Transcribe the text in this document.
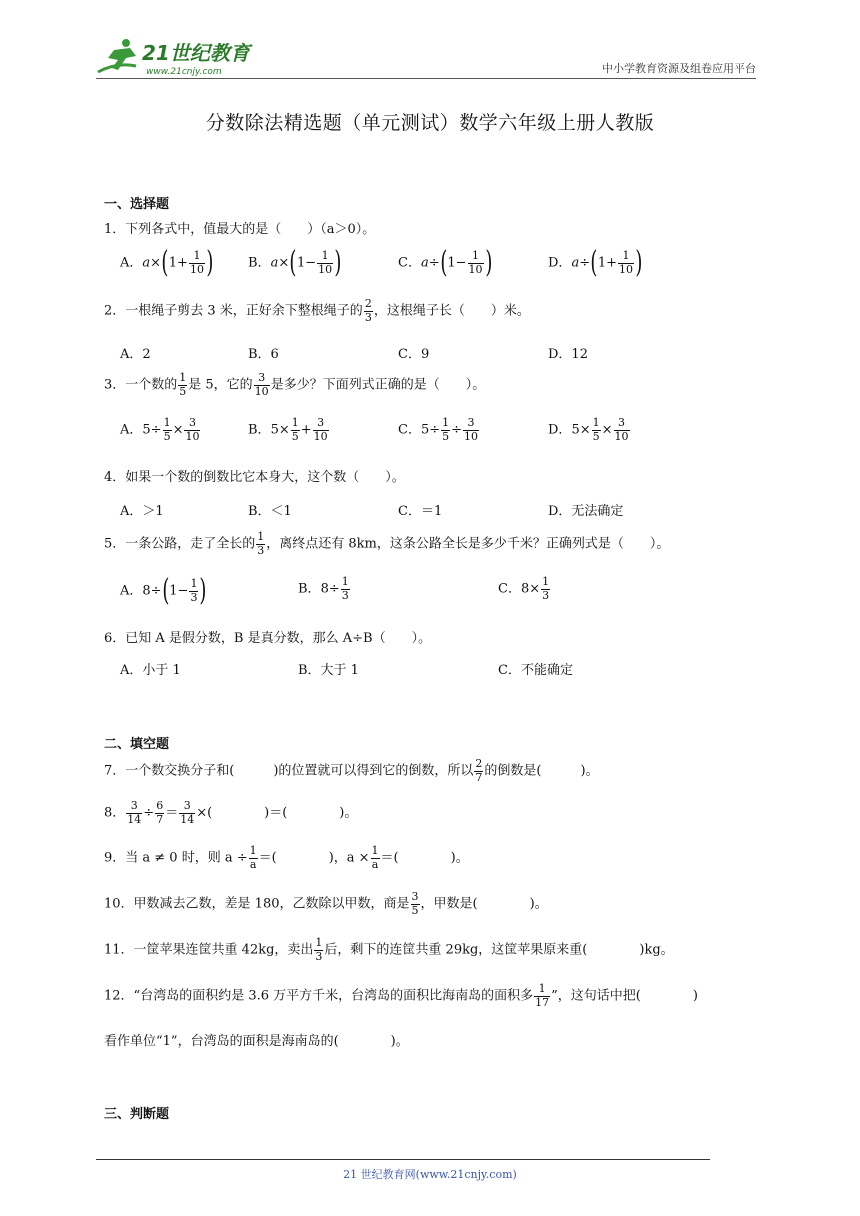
21世纪教育
www.21cnjy.com	中小学教育资源及组卷应用平台
分数除法精选题（单元测试）数学六年级上册人教版
一、选择题
1．下列各式中，值最大的是（　　）（a＞0）。
A．$a\times(1+ \frac{1}{10}$ )	B．$a\times(1- \frac{1}{10}$ )	C．$a\div(1- \frac{1}{10}$ )	D．$a\div(1+ \frac{1}{10}$ )
2．一根绳子剪去 3 米，正好余下整根绳子的 $\frac{2}{3}$ ，这根绳子长（　　）米。
A．2	B．6	C．9	D．12
3．一个数的 $\frac{1}{5}$ 是 5，它的 $\frac{3}{10}$ 是多少？下面列式正确的是（　　）。
A．$5\div \frac{1}{5} \times \frac{3}{10}$	B．$5\times \frac{1}{5} + \frac{3}{10}$	C．$5\div \frac{1}{5} \div \frac{3}{10}$	D．$5\times \frac{1}{5} \times \frac{3}{10}$
4．如果一个数的倒数比它本身大，这个数（　　）。
A．＞1	B．＜1	C．＝1	D．无法确定
5．一条公路，走了全长的 $\frac{1}{3}$ ，离终点还有 8km，这条公路全长是多少千米？正确列式是（　　）。
A．$8\div(1- \frac{1}{3}$ )	B．$8\div \frac{1}{3}$	C．$8\times \frac{1}{3}$
6．已知 A 是假分数，B 是真分数，那么 A÷B（　　）。
A．小于 1	B．大于 1	C．不能确定
二、填空题
7．一个数交换分子和(　　　)的位置就可以得到它的倒数，所以 $\frac{2}{7}$ 的倒数是(　　　)。
8． $\frac{3}{14} \div \frac{6}{7} = \frac{3}{14}$ ×(　　　　)＝(　　　　)。
9．当 a ≠ 0 时，则 $a \div \frac{1}{a}$ ＝(　　　　)，$a \times \frac{1}{a}$ ＝(　　　　)。
10．甲数减去乙数，差是 180，乙数除以甲数，商是 $\frac{3}{5}$ ，甲数是(　　　　)。
11．一筐苹果连筐共重 42kg，卖出 $\frac{1}{3}$ 后，剩下的连筐共重 29kg，这筐苹果原来重(　　　　)kg。
12．“台湾岛的面积约是 3.6 万平方千米，台湾岛的面积比海南岛的面积多 $\frac{1}{17}$ ”，这句话中把(　　　　)
看作单位“1”，台湾岛的面积是海南岛的(　　　　)。
三、判断题
21 世纪教育网(www.21cnjy.com)
